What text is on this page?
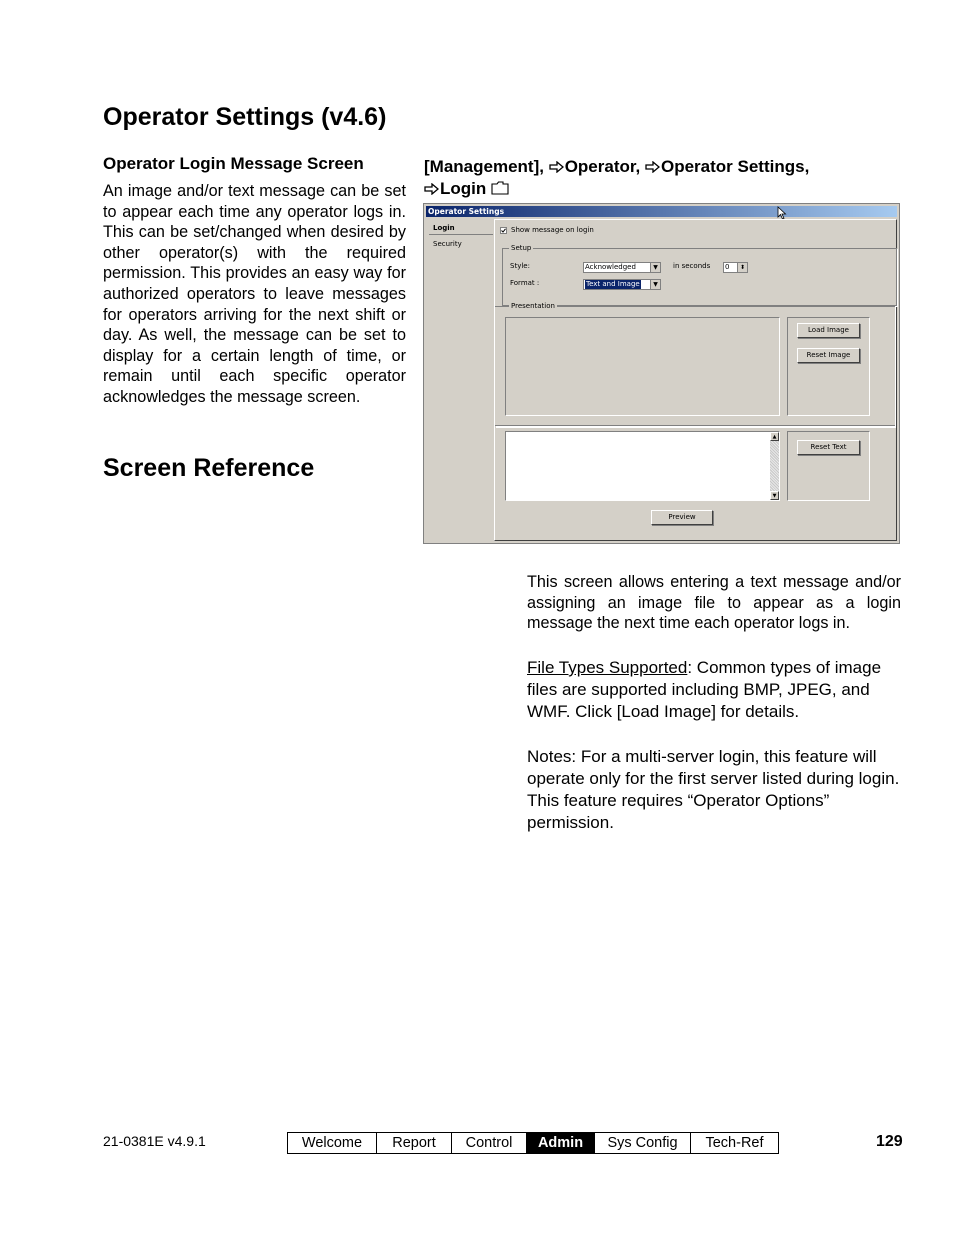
Operator Settings (v4.6)
Operator Login Message Screen

An image and/or text message can be set to appear each time any operator logs in. This can be set/changed when desired by other operator(s) with the required permission. This provides an easy way for authorized operators to leave messages for operators arriving for the next shift or day. As well, the message can be set to display for a certain length of time, or remain until each specific operator acknowledges the message screen.

Screen Reference
[Management], Operator, Operator Settings,
Login
Operator Settings
Login
Security
Show message on login
Setup
Style:	Acknowledged	▼	in seconds 0	⬍
Format :	Text and Image	▼
Presentation
Load Image
Reset Image
▲
▼
Reset Text
Preview

This screen allows entering a text message and/or assigning an image file to appear as a login message the next time each operator logs in.

File Types Supported: Common types of image files are supported including BMP, JPEG, and WMF. Click [Load Image] for details.

Notes: For a multi-server login, this feature will operate only for the first server listed during login. This feature requires “Operator Options” permission.

21-0381E v4.9.1	Welcome	Report	Control	Admin	Sys Config	Tech-Ref	129
